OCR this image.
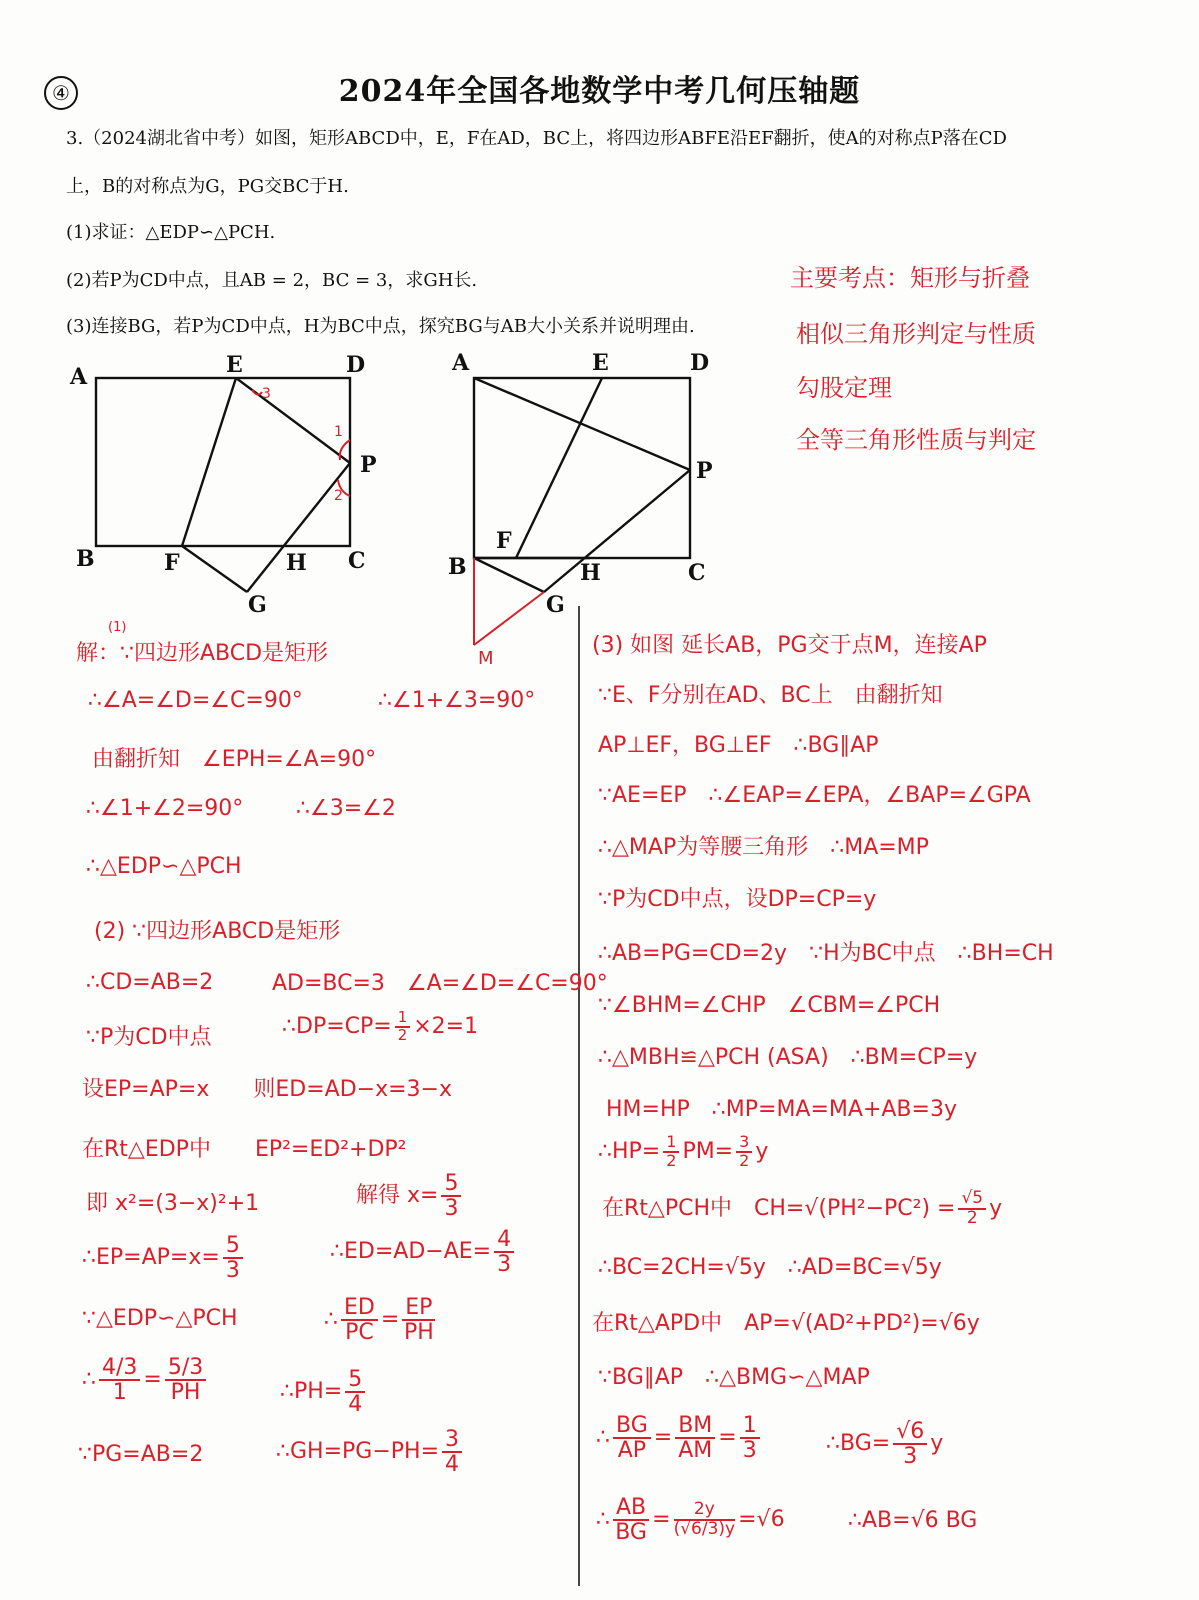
④	2024年全国各地数学中考几何压轴题
3.（2024湖北省中考）如图，矩形ABCD中，E，F在AD，BC上，将四边形ABFE沿EF翻折，使A的对称点P落在CD
上，B的对称点为G，PG交BC于H.
(1)求证：△EDP∽△PCH.
(2)若P为CD中点，且AB = 2，BC = 3，求GH长.
(3)连接BG，若P为CD中点，H为BC中点，探究BG与AB大小关系并说明理由.
主要考点：矩形与折叠
相似三角形判定与性质
勾股定理
全等三角形性质与判定
A	E	D
P
B	F	H C
G
3
1
2
A	E	D
P
F
B	H	C
G
M
(1)
解：∵四边形ABCD是矩形
∴∠A=∠D=∠C=90°	∴∠1+∠3=90°
由翻折知　∠EPH=∠A=90°
∴∠1+∠2=90° ∴∠3=∠2
∴△EDP∽△PCH
(2) ∵四边形ABCD是矩形
∴CD=AB=2	AD=BC=3　∠A=∠D=∠C=90°
∵P为CD中点	∴DP=CP= $\frac{1}{2} \times 2=1$
设EP=AP=x　　则ED=AD−x=3−x
在Rt△EDP中　　EP²=ED²+DP²
即 x²=(3−x)²+1	解得 $x= \frac{5}{3}$
∴EP=AP=x= $\frac{5}{3}$	∴ED=AD−AE= $\frac{4}{3}$
∵△EDP∽△PCH	∴ $\frac{ED}{PC} = \frac{EP}{PH}$
∴ $\frac{4/3}{1} = \frac{5/3}{PH}$	∴PH= $\frac{5}{4}$
∵PG=AB=2	∴GH=PG−PH= $\frac{3}{4}$
(3) 如图 延长AB，PG交于点M，连接AP
∵E、F分别在AD、BC上　由翻折知
AP⊥EF，BG⊥EF　∴BG∥AP
∵AE=EP　∴∠EAP=∠EPA，∠BAP=∠GPA
∴△MAP为等腰三角形　∴MA=MP
∵P为CD中点，设DP=CP=y
∴AB=PG=CD=2y　∵H为BC中点　∴BH=CH
∵∠BHM=∠CHP　∠CBM=∠PCH
∴△MBH≌△PCH (ASA)　∴BM=CP=y
HM=HP　∴MP=MA=MA+AB=3y
∴HP= $\frac{1}{2} PM= \frac{3}{2}$ y
在Rt△PCH中　$CH=√(PH^2-PC^2) = \frac{√5}{2}$ y
∴BC=2CH=√5y　∴AD=BC=√5y
在Rt△APD中　AP=√(AD²+PD²)=√6y
∵BG∥AP　∴△BMG∽△MAP
∴ $\frac{BG}{AP} = \frac{BM}{AM} = \frac{1}{3}$	∴BG= $\frac{√6}{3}$ y
∴ $\frac{AB}{BG} = \frac{2y}{(√6/3)y} =√6$	∴AB=√6 BG
